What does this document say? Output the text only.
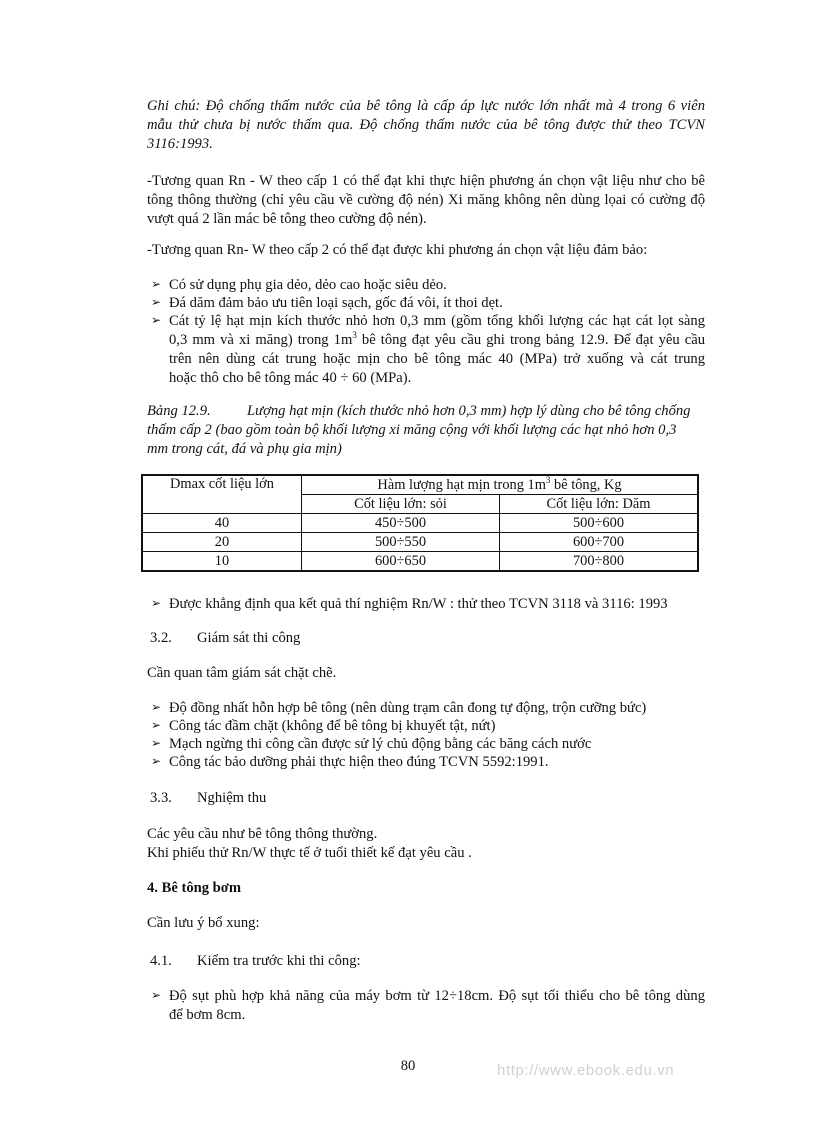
Ghi chú: Độ chống thấm nước của bê tông là cấp áp lực nước lớn nhất mà 4 trong 6 viên
mẫu thử chưa bị nước thấm qua. Độ chống thấm nước của bê tông được thử theo TCVN
3116:1993.
-Tương quan Rn - W theo cấp 1 có thể đạt khi thực hiện phương án chọn vật liệu như cho bê
tông thông thường (chỉ yêu cầu về cường độ nén) Xi măng không nên dùng lọai có cường độ
vượt quá 2 lần mác bê tông theo cường độ nén).
-Tương quan Rn- W theo cấp 2 có thể đạt được khi phương án chọn vật liệu đảm bảo:
➢ Có sử dụng phụ gia dẻo, dẻo cao hoặc siêu dẻo.
➢ Đá dăm đảm bảo ưu tiên loại sạch, gốc đá vôi, ít thoi dẹt.
➢ Cát tỷ lệ hạt mịn kích thước nhỏ hơn 0,3 mm (gồm tổng khối lượng các hạt cát lọt sàng
0,3 mm và xi măng) trong $1m^3$ bê tông đạt yêu cầu ghi trong bảng 12.9. Để đạt yêu cầu
trên nên dùng cát trung hoặc mịn cho bê tông mác 40 (MPa) trở xuống và cát trung
hoặc thô cho bê tông mác 40 ÷ 60 (MPa).
Bảng 12.9. Lượng hạt mịn (kích thước nhỏ hơn 0,3 mm) hợp lý dùng cho bê tông chống
thấm cấp 2 (bao gồm toàn bộ khối lượng xi măng cộng với khối lượng các hạt nhỏ hơn 0,3
mm trong cát, đá và phụ gia mịn)
Dmax cốt liệu lớn	Hàm lượng hạt mịn trong $1m^3$ bê tông, Kg	
	Cốt liệu lớn: sỏi	Cốt liệu lớn: Dăm
40	450÷500	500÷600
20	500÷550	600÷700
10	600÷650	700÷800
➢ Được khẳng định qua kết quả thí nghiệm Rn/W : thử theo TCVN 3118 và 3116: 1993
3.2. Giám sát thi công
Cần quan tâm giám sát chặt chẽ.
➢ Độ đồng nhất hỗn hợp bê tông (nên dùng trạm cân đong tự động, trộn cưỡng bức)
➢ Công tác đầm chặt (không để bê tông bị khuyết tật, nứt)
➢ Mạch ngừng thi công cần được sử lý chủ động bằng các băng cách nước
➢ Công tác bảo dưỡng phải thực hiện theo đúng TCVN 5592:1991.
3.3. Nghiệm thu
Các yêu cầu như bê tông thông thường.
Khi phiếu thử Rn/W thực tế ở tuổi thiết kế đạt yêu cầu .
4. Bê tông bơm
Cần lưu ý bổ xung:
4.1. Kiểm tra trước khi thi công:
➢ Độ sụt phù hợp khả năng của máy bơm từ 12÷18cm. Độ sụt tối thiểu cho bê tông dùng
để bơm 8cm.
80	http://www.ebook.edu.vn
